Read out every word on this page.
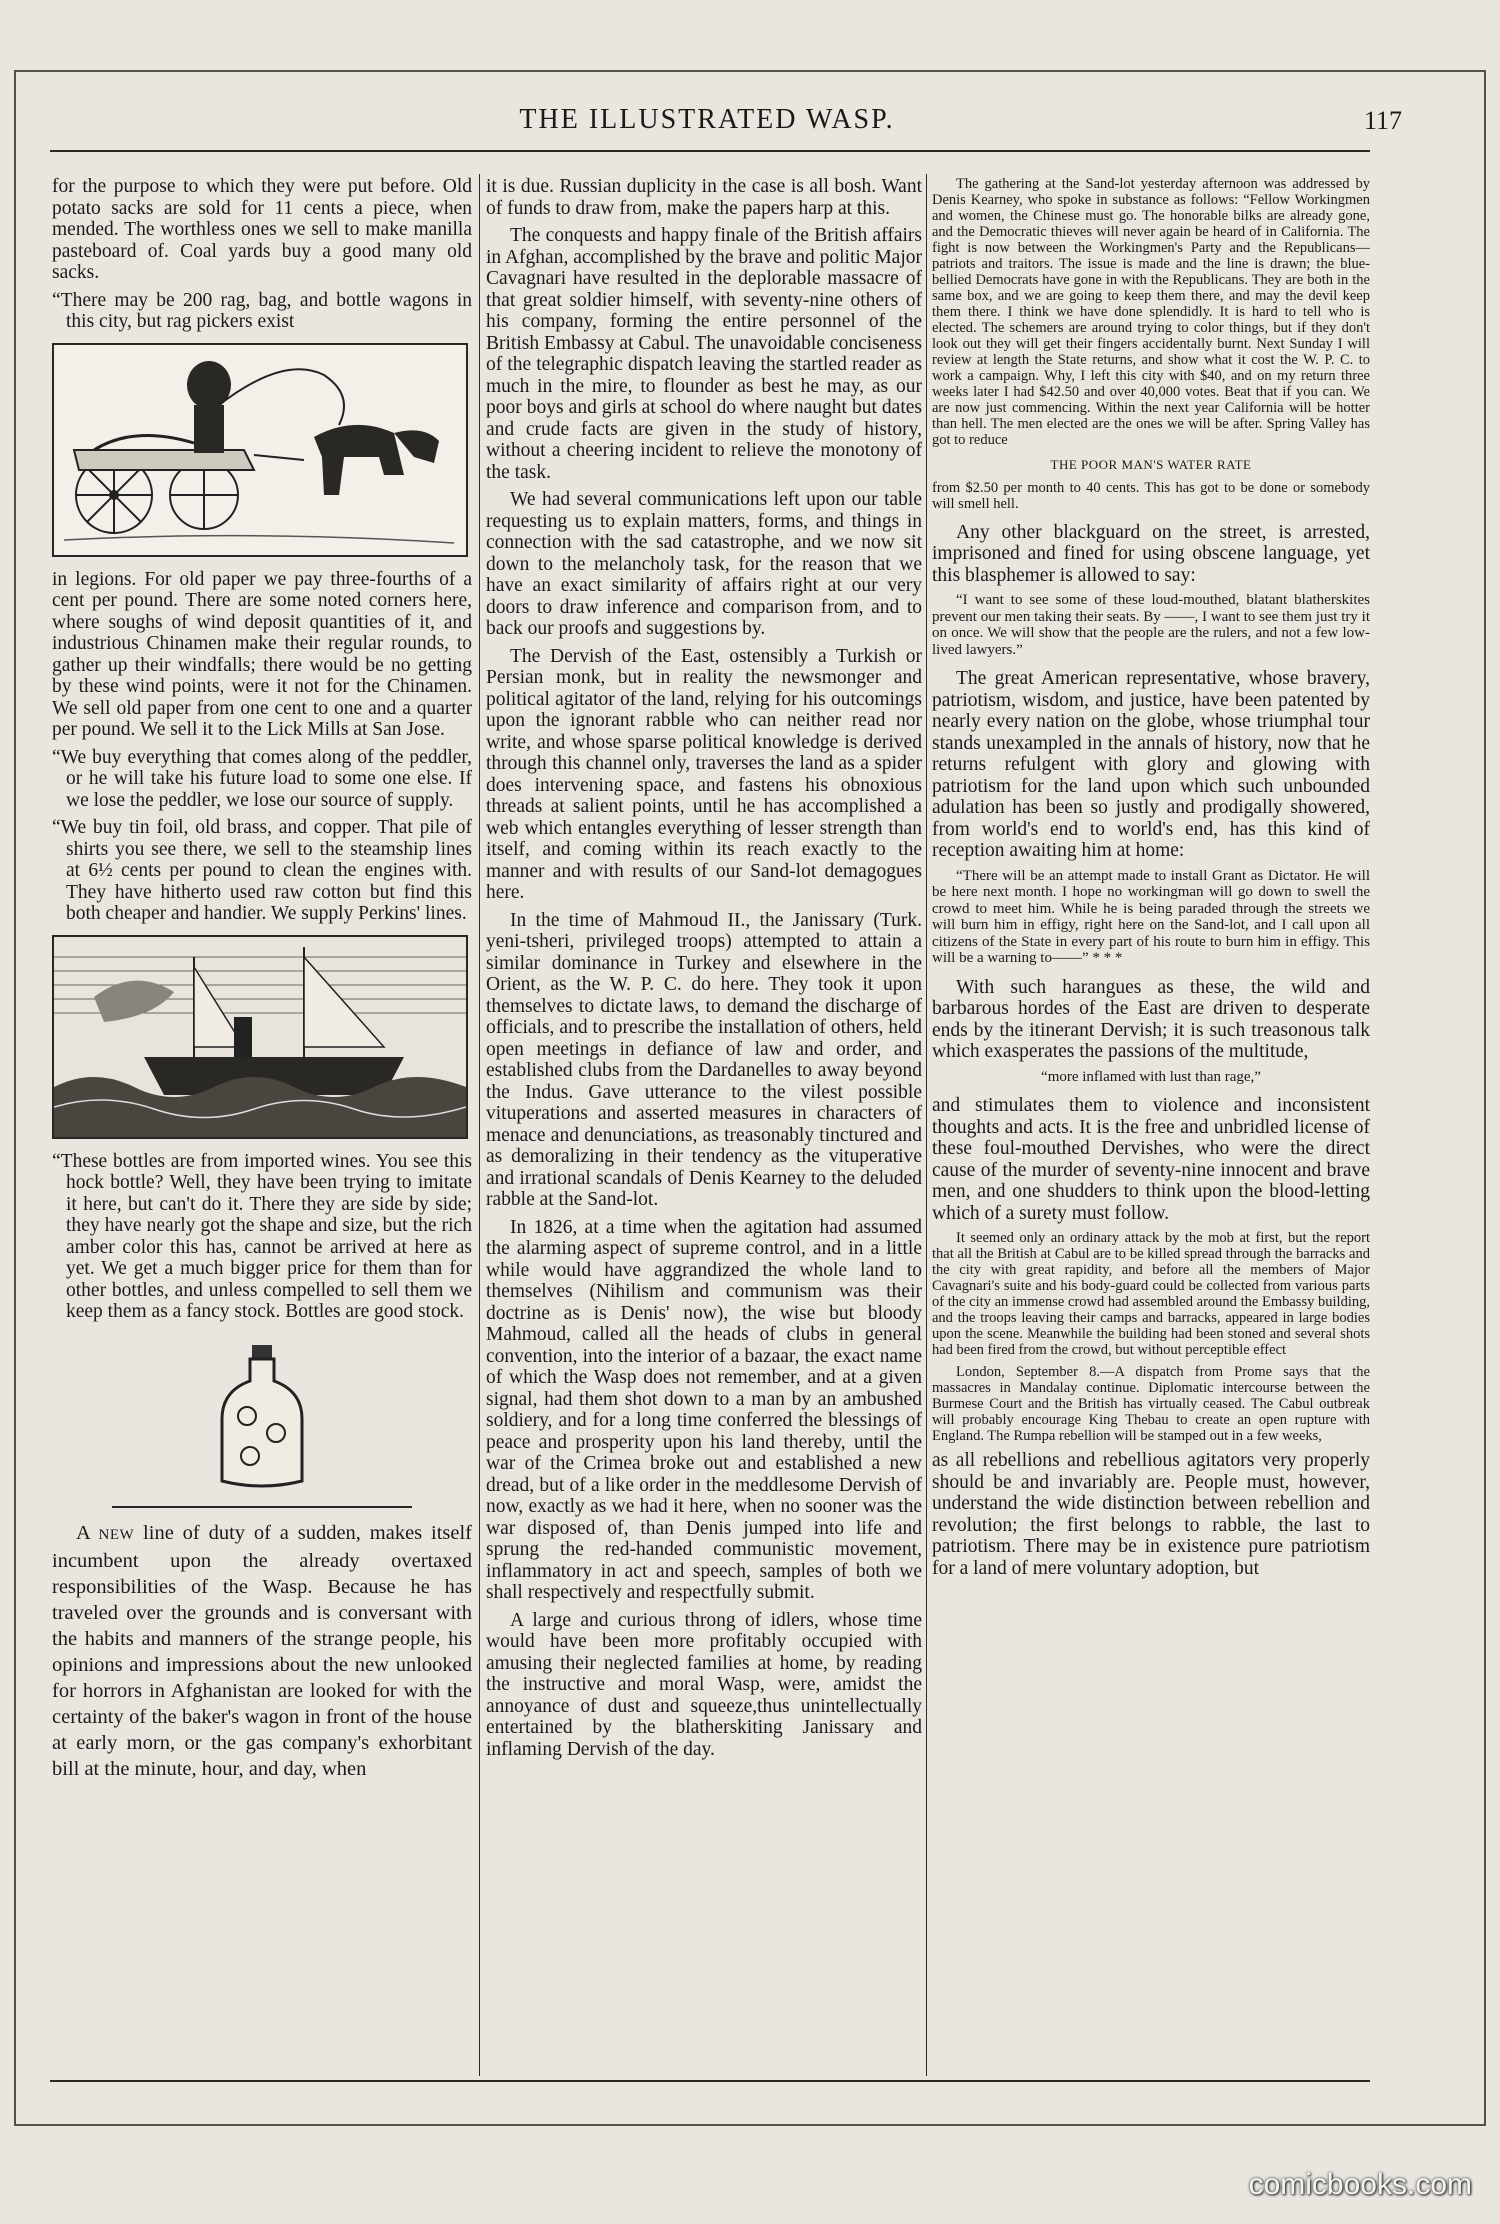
THE ILLUSTRATED WASP.	117

for the purpose to which they were put before. Old potato sacks are sold for 11 cents a piece, when mended. The worthless ones we sell to make manilla pasteboard of. Coal yards buy a good many old sacks.

“There may be 200 rag, bag, and bottle wagons in this city, but rag pickers exist

in legions. For old paper we pay three-fourths of a cent per pound. There are some noted corners here, where soughs of wind deposit quantities of it, and industrious Chinamen make their regular rounds, to gather up their windfalls; there would be no getting by these wind points, were it not for the Chinamen. We sell old paper from one cent to one and a quarter per pound. We sell it to the Lick Mills at San Jose.

“We buy everything that comes along of the peddler, or he will take his future load to some one else. If we lose the peddler, we lose our source of supply.

“We buy tin foil, old brass, and copper. That pile of shirts you see there, we sell to the steamship lines at 6½ cents per pound to clean the engines with. They have hitherto used raw cotton but find this both cheaper and handier. We supply Perkins' lines.

“These bottles are from imported wines. You see this hock bottle? Well, they have been trying to imitate it here, but can't do it. There they are side by side; they have nearly got the shape and size, but the rich amber color this has, cannot be arrived at here as yet. We get a much bigger price for them than for other bottles, and unless compelled to sell them we keep them as a fancy stock. Bottles are good stock.

A NEW line of duty of a sudden, makes itself incumbent upon the already overtaxed responsibilities of the Wasp. Because he has traveled over the grounds and is conversant with the habits and manners of the strange people, his opinions and impressions about the new unlooked for horrors in Afghanistan are looked for with the certainty of the baker's wagon in front of the house at early morn, or the gas company's exhorbitant bill at the minute, hour, and day, when

it is due. Russian duplicity in the case is all bosh. Want of funds to draw from, make the papers harp at this.

The conquests and happy finale of the British affairs in Afghan, accomplished by the brave and politic Major Cavagnari have resulted in the deplorable massacre of that great soldier himself, with seventy-nine others of his company, forming the entire personnel of the British Embassy at Cabul. The unavoidable conciseness of the telegraphic dispatch leaving the startled reader as much in the mire, to flounder as best he may, as our poor boys and girls at school do where naught but dates and crude facts are given in the study of history, without a cheering incident to relieve the monotony of the task.

We had several communications left upon our table requesting us to explain matters, forms, and things in connection with the sad catastrophe, and we now sit down to the melancholy task, for the reason that we have an exact similarity of affairs right at our very doors to draw inference and comparison from, and to back our proofs and suggestions by.

The Dervish of the East, ostensibly a Turkish or Persian monk, but in reality the newsmonger and political agitator of the land, relying for his outcomings upon the ignorant rabble who can neither read nor write, and whose sparse political knowledge is derived through this channel only, traverses the land as a spider does intervening space, and fastens his obnoxious threads at salient points, until he has accomplished a web which entangles everything of lesser strength than itself, and coming within its reach exactly to the manner and with results of our Sand-lot demagogues here.

In the time of Mahmoud II., the Janissary (Turk. yeni-tsheri, privileged troops) attempted to attain a similar dominance in Turkey and elsewhere in the Orient, as the W. P. C. do here. They took it upon themselves to dictate laws, to demand the discharge of officials, and to prescribe the installation of others, held open meetings in defiance of law and order, and established clubs from the Dardanelles to away beyond the Indus. Gave utterance to the vilest possible vituperations and asserted measures in characters of menace and denunciations, as treasonably tinctured and as demoralizing in their tendency as the vituperative and irrational scandals of Denis Kearney to the deluded rabble at the Sand-lot.

In 1826, at a time when the agitation had assumed the alarming aspect of supreme control, and in a little while would have aggrandized the whole land to themselves (Nihilism and communism was their doctrine as is Denis' now), the wise but bloody Mahmoud, called all the heads of clubs in general convention, into the interior of a bazaar, the exact name of which the Wasp does not remember, and at a given signal, had them shot down to a man by an ambushed soldiery, and for a long time conferred the blessings of peace and prosperity upon his land thereby, until the war of the Crimea broke out and established a new dread, but of a like order in the meddlesome Dervish of now, exactly as we had it here, when no sooner was the war disposed of, than Denis jumped into life and sprung the red-handed communistic movement, inflammatory in act and speech, samples of both we shall respectively and respectfully submit.

A large and curious throng of idlers, whose time would have been more profitably occupied with amusing their neglected families at home, by reading the instructive and moral Wasp, were, amidst the annoyance of dust and squeeze,thus unintellectually entertained by the blatherskiting Janissary and inflaming Dervish of the day.

The gathering at the Sand-lot yesterday afternoon was addressed by Denis Kearney, who spoke in substance as follows: “Fellow Workingmen and women, the Chinese must go. The honorable bilks are already gone, and the Democratic thieves will never again be heard of in California. The fight is now between the Workingmen's Party and the Republicans—patriots and traitors. The issue is made and the line is drawn; the blue-bellied Democrats have gone in with the Republicans. They are both in the same box, and we are going to keep them there, and may the devil keep them there. I think we have done splendidly. It is hard to tell who is elected. The schemers are around trying to color things, but if they don't look out they will get their fingers accidentally burnt. Next Sunday I will review at length the State returns, and show what it cost the W. P. C. to work a campaign. Why, I left this city with $40, and on my return three weeks later I had $42.50 and over 40,000 votes. Beat that if you can. We are now just commencing. Within the next year California will be hotter than hell. The men elected are the ones we will be after. Spring Valley has got to reduce

THE POOR MAN'S WATER RATE

from $2.50 per month to 40 cents. This has got to be done or somebody will smell hell.

Any other blackguard on the street, is arrested, imprisoned and fined for using obscene language, yet this blasphemer is allowed to say:

“I want to see some of these loud-mouthed, blatant blatherskites prevent our men taking their seats. By ——, I want to see them just try it on once. We will show that the people are the rulers, and not a few low-lived lawyers.”

The great American representative, whose bravery, patriotism, wisdom, and justice, have been patented by nearly every nation on the globe, whose triumphal tour stands unexampled in the annals of history, now that he returns refulgent with glory and glowing with patriotism for the land upon which such unbounded adulation has been so justly and prodigally showered, from world's end to world's end, has this kind of reception awaiting him at home:

“There will be an attempt made to install Grant as Dictator. He will be here next month. I hope no workingman will go down to swell the crowd to meet him. While he is being paraded through the streets we will burn him in effigy, right here on the Sand-lot, and I call upon all citizens of the State in every part of his route to burn him in effigy. This will be a warning to——” * * *

With such harangues as these, the wild and barbarous hordes of the East are driven to desperate ends by the itinerant Dervish; it is such treasonous talk which exasperates the passions of the multitude,

“more inflamed with lust than rage,”

and stimulates them to violence and inconsistent thoughts and acts. It is the free and unbridled license of these foul-mouthed Dervishes, who were the direct cause of the murder of seventy-nine innocent and brave men, and one shudders to think upon the blood-letting which of a surety must follow.

It seemed only an ordinary attack by the mob at first, but the report that all the British at Cabul are to be killed spread through the barracks and the city with great rapidity, and before all the members of Major Cavagnari's suite and his body-guard could be collected from various parts of the city an immense crowd had assembled around the Embassy building, and the troops leaving their camps and barracks, appeared in large bodies upon the scene. Meanwhile the building had been stoned and several shots had been fired from the crowd, but without perceptible effect

London, September 8.—A dispatch from Prome says that the massacres in Mandalay continue. Diplomatic intercourse between the Burmese Court and the British has virtually ceased. The Cabul outbreak will probably encourage King Thebau to create an open rupture with England. The Rumpa rebellion will be stamped out in a few weeks,

as all rebellions and rebellious agitators very properly should be and invariably are. People must, however, understand the wide distinction between rebellion and revolution; the first belongs to rabble, the last to patriotism. There may be in existence pure patriotism for a land of mere voluntary adoption, but

comicbooks.com
